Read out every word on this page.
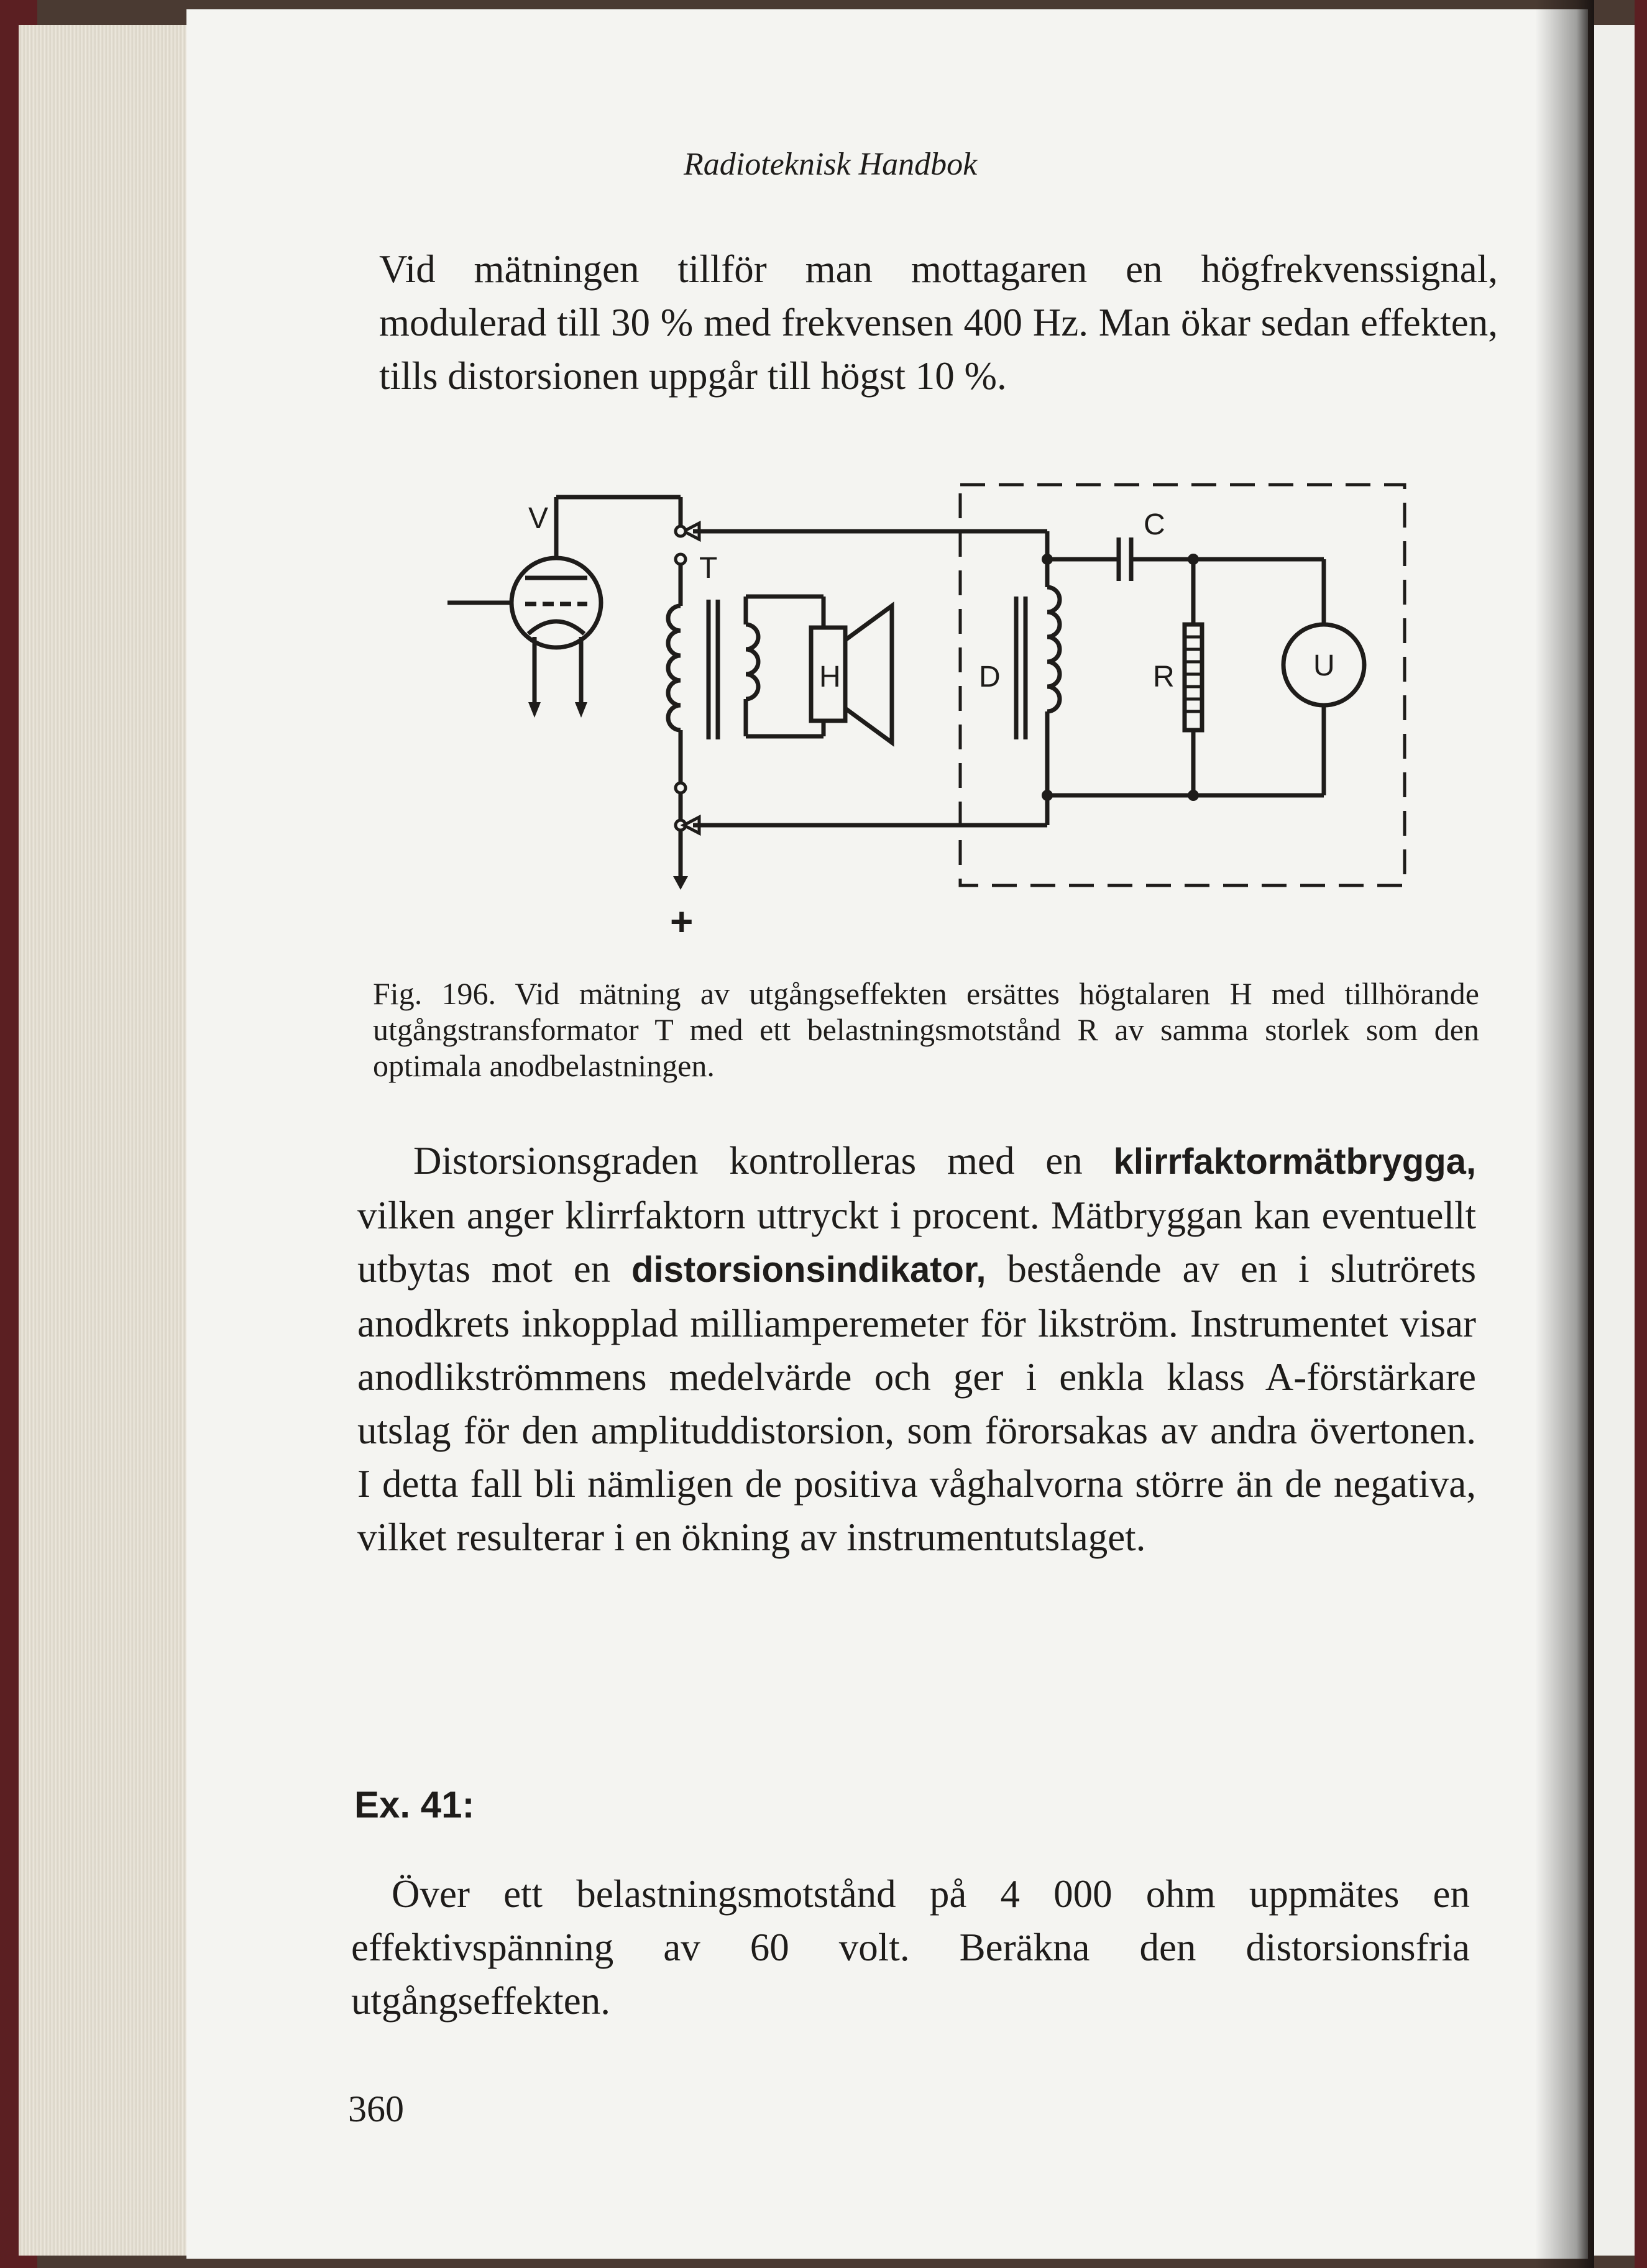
Radioteknisk Handbok

Vid mätningen tillför man mottagaren en högfrekvenssignal, modulerad till 30 % med frekvensen 400 Hz. Man ökar sedan effekten, tills distorsionen uppgår till högst 10 %.

V
T
H
+
D
C
R	U

Fig. 196. Vid mätning av utgångseffekten ersättes högtalaren H med tillhörande utgångstransformator T med ett belastningsmotstånd R av samma storlek som den optimala anodbelastningen.

Distorsionsgraden kontrolleras med en klirrfaktormätbrygga, vilken anger klirrfaktorn uttryckt i procent. Mätbryggan kan eventuellt utbytas mot en distorsionsindikator, bestående av en i slutrörets anodkrets inkopplad milliamperemeter för likström. Instrumentet visar anodlikströmmens medelvärde och ger i enkla klass A-förstärkare utslag för den amplituddistorsion, som förorsakas av andra övertonen. I detta fall bli nämligen de positiva våghalvorna större än de negativa, vilket resulterar i en ökning av instrumentutslaget.

Ex. 41:

Över ett belastningsmotstånd på 4 000 ohm uppmätes en effektivspänning av 60 volt. Beräkna den distorsionsfria utgångseffekten.

360
